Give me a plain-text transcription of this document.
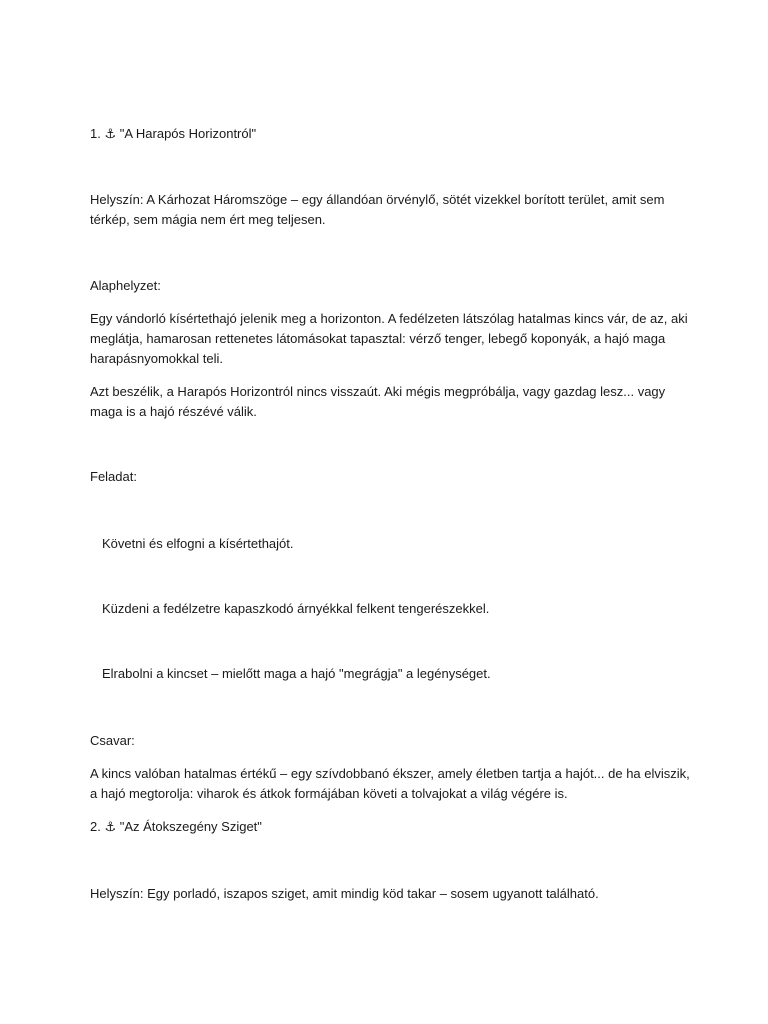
1. ⚓ "A Harapós Horizontról"

Helyszín: A Kárhozat Háromszöge – egy állandóan örvénylő, sötét vizekkel borított terület, amit sem térkép, sem mágia nem ért meg teljesen.

Alaphelyzet:

Egy vándorló kísértethajó jelenik meg a horizonton. A fedélzeten látszólag hatalmas kincs vár, de az, aki meglátja, hamarosan rettenetes látomásokat tapasztal: vérző tenger, lebegő koponyák, a hajó maga harapásnyomokkal teli.

Azt beszélik, a Harapós Horizontról nincs visszaút. Aki mégis megpróbálja, vagy gazdag lesz... vagy maga is a hajó részévé válik.

Feladat:

Követni és elfogni a kísértethajót.

Küzdeni a fedélzetre kapaszkodó árnyékkal felkent tengerészekkel.

Elrabolni a kincset – mielőtt maga a hajó "megrágja" a legénységet.

Csavar:

A kincs valóban hatalmas értékű – egy szívdobbanó ékszer, amely életben tartja a hajót... de ha elviszik, a hajó megtorolja: viharok és átkok formájában követi a tolvajokat a világ végére is.

2. ⚓ "Az Átokszegény Sziget"

Helyszín: Egy porladó, iszapos sziget, amit mindig köd takar – sosem ugyanott található.
